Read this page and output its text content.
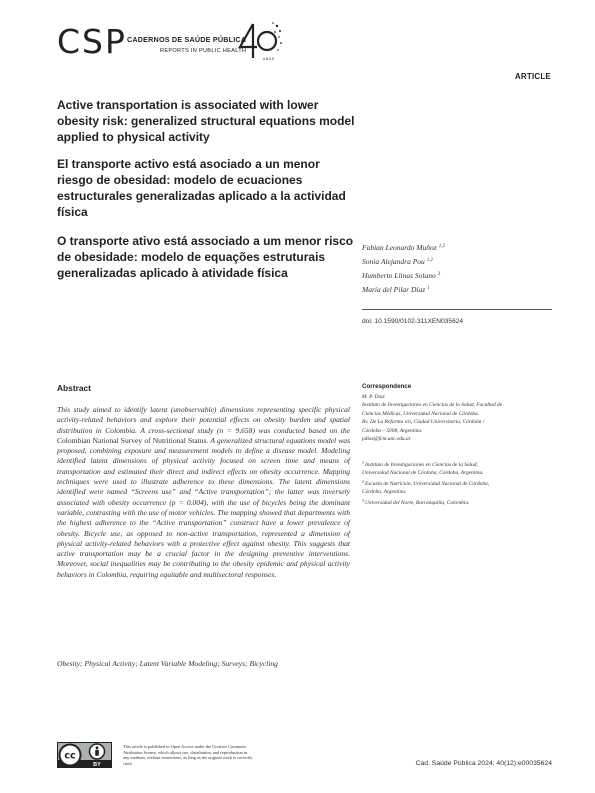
CSP CADERNOS DE SAÚDE PÚBLICA
REPORTS IN PUBLIC HEALTH
ANOS
ARTICLE
Active transportation is associated with lower obesity risk: generalized structural equations model applied to physical activity
El transporte activo está asociado a un menor riesgo de obesidad: modelo de ecuaciones estructurales generalizadas aplicado a la actividad física
O transporte ativo está associado a um menor risco de obesidade: modelo de equações estruturais generalizadas aplicado à atividade física
Fabian Leonardo Muñoz $^{1,2}$
Sonia Alejandra Pou $^{1,2}$
Humberto Llinas Solano $^3$
María del Pilar Díaz $^1$
doi: 10.1590/0102-311XEN035624
Abstract

This study aimed to identify latent (unobservable) dimensions representing specific physical activity-related behaviors and explore their potential effects on obesity burden and spatial distribution in Colombia. A cross-sectional study (n = 9,658) was conducted based on the Colombian National Survey of Nutritional Status. A generalized structural equations model was proposed, combining exposure and measurement models to define a disease model. Modeling identified latent dimensions of physical activity focused on screen time and means of transportation and estimated their direct and indirect effects on obesity occurrence. Mapping techniques were used to illustrate adherence to these dimensions. The latent dimensions identified were named “Screens use” and “Active transportation”; the latter was inversely associated with obesity occurrence (p = 0.004), with the use of bicycles being the dominant variable, contrasting with the use of motor vehicles. The mapping showed that departments with the highest adherence to the “Active transportation” construct have a lower prevalence of obesity. Bicycle use, as opposed to non-active transportation, represented a dimension of physical activity-related behaviors with a protective effect against obesity. This suggests that active transportation may be a crucial factor in the designing preventive interventions. Moreover, social inequalities may be contributing to the obesity epidemic and physical activity behaviors in Colombia, requiring equitable and multisectoral responses.

Obesity; Physical Activity; Latent Variable Modeling; Surveys; Bicycling
Correspondence
M. P. Díaz
Instituto de Investigaciones en Ciencias de la Salud, Facultad de
Ciencias Médicas, Universidad Nacional de Córdoba.
Bv. De La Reforma s/n, Ciudad Universitaria, Córdoba /
Córdoba – 5008, Argentina.
pdiaz@fcm.unc.edu.ar
$^1$Instituto de Investigaciones en Ciencias de la Salud,
Universidad Nacional de Córdoba, Córdoba, Argentina.
$^2$Escuela de Nutrición, Universidad Nacional de Córdoba,
Córdoba, Argentina.
$^3$Universidad del Norte, Barranquilla, Colombia.
cc
BY
This article is published in Open Access under the Creative Commons
Attribution license, which allows use, distribution, and reproduction in
any medium, without restrictions, as long as the original work is correctly
cited.	Cad. Saúde Pública 2024; 40(12):e00035624
